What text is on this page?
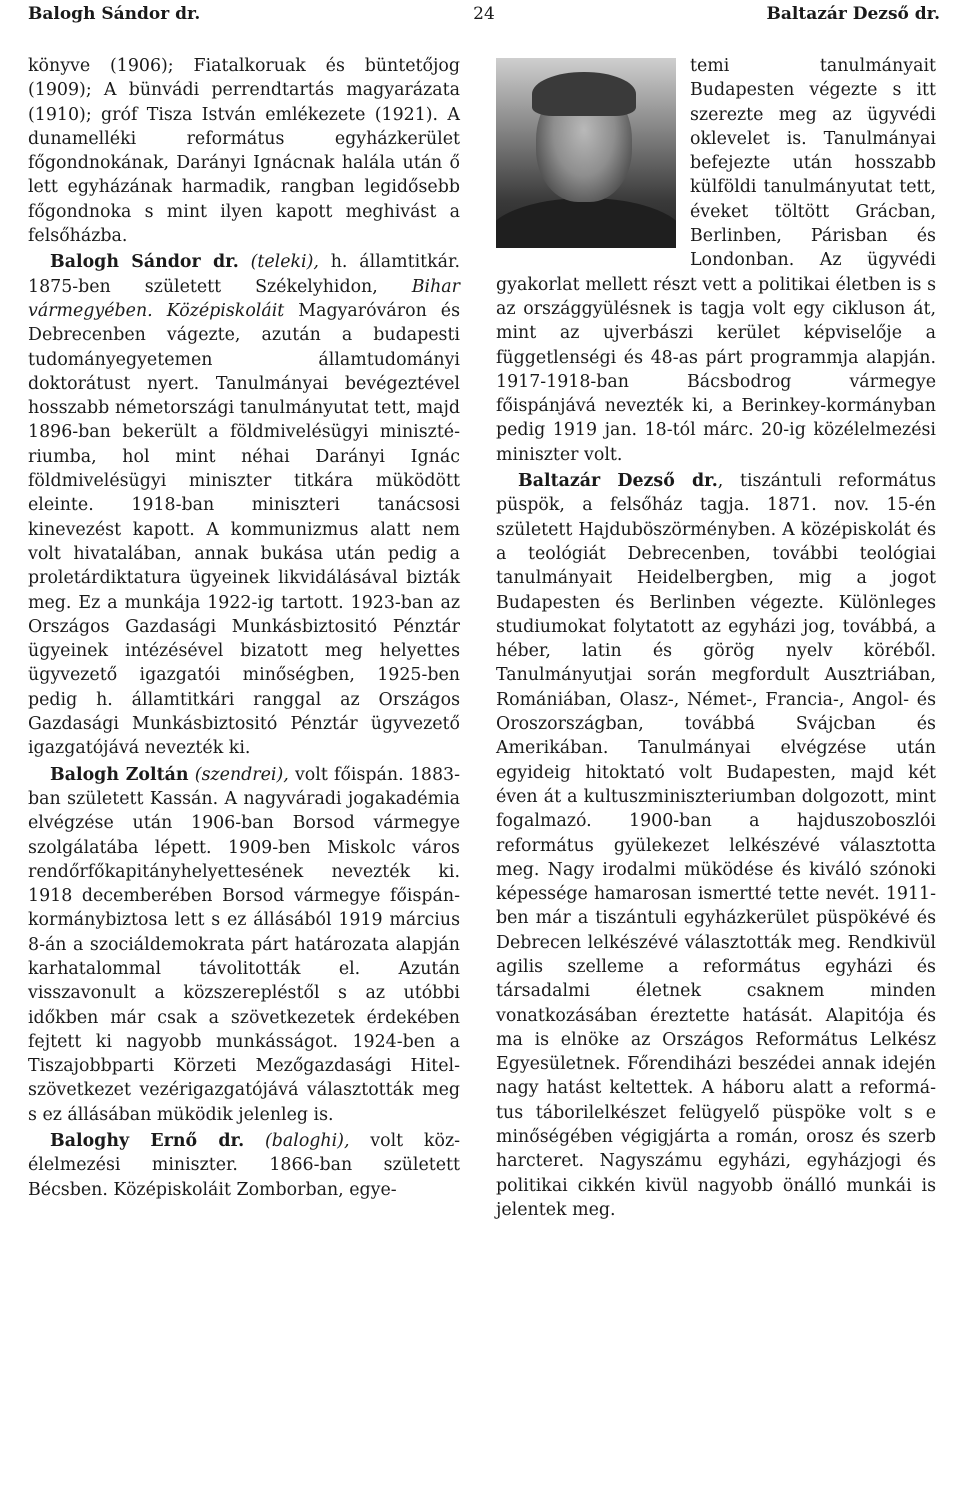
Balogh Sándor dr.	24	Baltazár Dezső dr.

könyve (1906); Fiatalkoruak és büntetőjog (1909); A bünvádi perrendtartás magyarázata (1910); gróf Tisza István emlékezete (1921). A dunamelléki református egyházkerület főgondnokának, Darányi Ignácnak halála után ő lett egyházának harmadik, rangban legidősebb főgondnoka s mint ilyen kapott meghivást a felsőházba.

Balogh Sándor dr. (teleki), h. államtitkár. 1875-ben született Székelyhidon, Bihar vármegyében. Középiskoláit Magyaróváron és Debrecenben vágezte, azután a budapesti tudományegyetemen államtudományi doktorátust nyert. Tanulmányai bevégeztével hosszabb németországi tanulmányutat tett, majd 1896-ban bekerült a földmivelésügyi minisztériumba, hol mint néhai Darányi Ignác földmivelésügyi miniszter titkára müködött eleinte. 1918-ban miniszteri tanácsosi kinevezést kapott. A kommunizmus alatt nem volt hivatalában, annak bukása után pedig a proletárdiktatura ügyeinek likvidálásával bizták meg. Ez a munkája 1922-ig tartott. 1923-ban az Országos Gazdasági Munkásbiztositó Pénztár ügyeinek intézésével bizatott meg helyettes ügyvezető igazgatói minőségben, 1925-ben pedig h. államtitkári ranggal az Országos Gazdasági Munkásbiztositó Pénztár ügyvezető igazgatójává nevezték ki.

Balogh Zoltán (szendrei), volt főispán. 1883-ban született Kassán. A nagyváradi jogakadémia elvégzése után 1906-ban Borsod vármegye szolgálatába lépett. 1909-ben Miskolc város rendőrfőkapitányhelyettesének nevezték ki. 1918 decemberében Borsod vármegye főispánkormánybiztosa lett s ez állásából 1919 március 8-án a szociáldemokrata párt határozata alapján karhatalommal távolitották el. Azután visszavonult a közszerepléstől s az utóbbi időkben már csak a szövetkezetek érdekében fejtett ki nagyobb munkásságot. 1924-ben a Tiszajobbparti Körzeti Mezőgazdasági Hitelszövetkezet vezérigazgatójává választották meg s ez állásában müködik jelenleg is.

Baloghy Ernő dr. (baloghi), volt közélelmezési miniszter. 1866-ban született Bécsben. Középiskoláit Zomborban, egye-

temi tanulmányait Budapesten végezte s itt szerezte meg az ügyvédi oklevelet is. Tanulmányai befejezte után hosszabb külföldi tanulmányutat tett, éveket töltött Grácban, Berlinben, Párisban és Londonban. Az ügyvédi gyakorlat mellett részt vett a politikai életben is s az országgyülésnek is tagja volt egy cikluson át, mint az ujverbászi kerület képviselője a függetlenségi és 48-as párt programmja alapján. 1917-1918-ban Bácsbodrog vármegye főispánjává nevezték ki, a Berinkey-kormányban pedig 1919 jan. 18-tól márc. 20-ig közélelmezési miniszter volt.

Baltazár Dezső dr., tiszántuli református püspök, a felsőház tagja. 1871. nov. 15-én született Hajduböszörményben. A középiskolát és a teológiát Debrecenben, további teológiai tanulmányait Heidelbergben, mig a jogot Budapesten és Berlinben végezte. Különleges studiumokat folytatott az egyházi jog, továbbá, a héber, latin és görög nyelv köréből. Tanulmányutjai során megfordult Ausztriában, Romániában, Olasz-, Német-, Francia-, Angol- és Oroszországban, továbbá Svájcban és Amerikában. Tanulmányai elvégzése után egyideig hitoktató volt Budapesten, majd két éven át a kultuszminiszteriumban dolgozott, mint fogalmazó. 1900-ban a hajduszoboszlói református gyülekezet lelkészévé választotta meg. Nagy irodalmi müködése és kiváló szónoki képessége hamarosan ismertté tette nevét. 1911-ben már a tiszántuli egyházkerület püspökévé és Debrecen lelkészévé választották meg. Rendkivül agilis szelleme a református egyházi és társadalmi életnek csaknem minden vonatkozásában éreztette hatását. Alapitója és ma is elnöke az Országos Református Lelkész Egyesületnek. Főrendiházi beszédei annak idején nagy hatást keltettek. A háboru alatt a református táborilelkészet felügyelő püspöke volt s e minőségében végigjárta a román, orosz és szerb harcteret. Nagyszámu egyházi, egyházjogi és politikai cikkén kivül nagyobb önálló munkái is jelentek meg.
